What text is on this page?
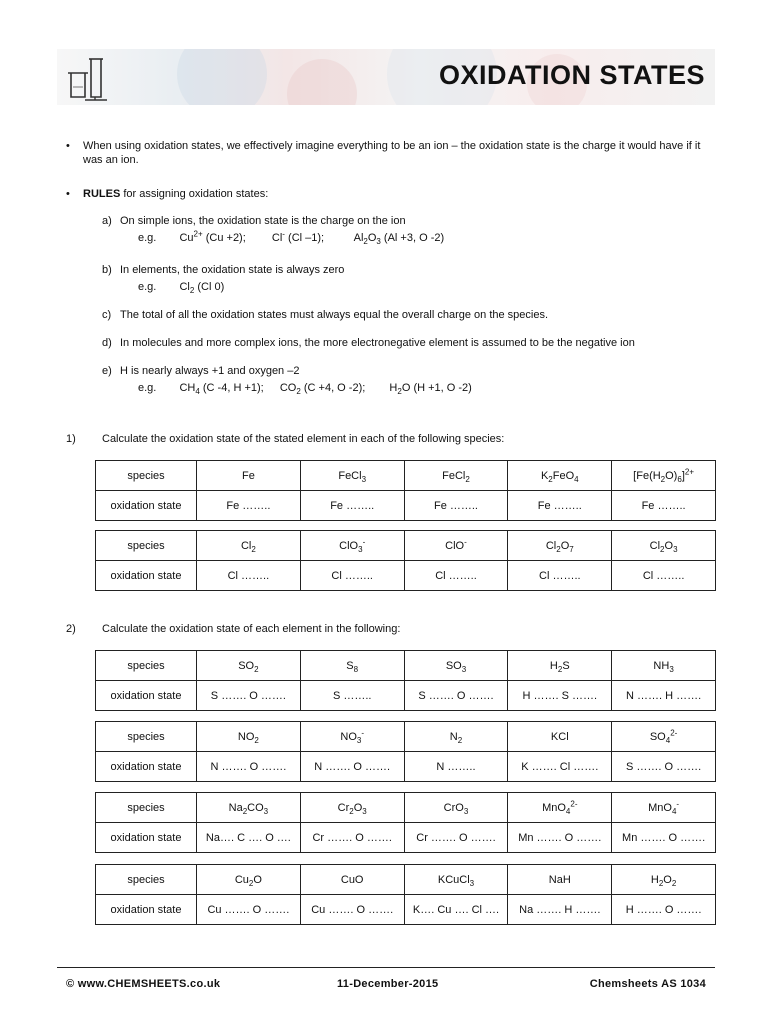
OXIDATION STATES
• When using oxidation states, we effectively imagine everything to be an ion – the oxidation state is the charge it would have if it was an ion.
• RULES for assigning oxidation states:
a) On simple ions, the oxidation state is the charge on the ion
e.g. $Cu^{2+}$ (Cu +2); Cl- (Cl –1);	$Al_2O_3$ (Al +3, O -2)
b) In elements, the oxidation state is always zero
e.g. $Cl_2$ (Cl 0)
c) The total of all the oxidation states must always equal the overall charge on the species.
d) In molecules and more complex ions, the more electronegative element is assumed to be the negative ion
e) H is nearly always +1 and oxygen –2
e.g. $CH_4$ (C -4, H +1); $CO_2$ (C +4, O -2); $H_2O$ (H +1, O -2)
1) Calculate the oxidation state of the stated element in each of the following species:
species	Fe	FeCl$_3$	FeCl$_2$	$K_2FeO_4$	$[Fe(H_2O)_6]^{2+}$
oxidation state	Fe ……..	Fe ……..	Fe ……..	Fe ……..	Fe ……..
species	$Cl_2$	ClO$_3$-	ClO-	$Cl_2O_7$	$Cl_2O_3$
oxidation state	Cl ……..	Cl ……..	Cl ……..	Cl ……..	Cl ……..
2) Calculate the oxidation state of each element in the following:
species	$SO_2$	$S_8$	$SO_3$	$H_2S$	$NH_3$
oxidation state	S ……. O …….	S ……..	S ……. O …….	H ……. S …….	N ……. H …….
species	$NO_2$	$NO_3^-$	$N_2$	KCl	$SO_4^{2-}$
oxidation state	N ……. O …….	N ……. O …….	N ……..	K ……. Cl …….	S ……. O …….
species	$Na_2CO_3$	$Cr_2O_3$	CrO$_3$	MnO$_4^{2-}$	MnO$_4$-
oxidation state	Na…. C …. O ….	Cr ……. O …….	Cr ……. O …….	Mn ……. O …….	Mn ……. O …….
species	$Cu_2O$	CuO	KCuCl$_3$	NaH	$H_2O_2$
oxidation state	Cu ……. O …….	Cu ……. O …….	K…. Cu …. Cl ….	Na ……. H …….	H ……. O …….
© www.CHEMSHEETS.co.uk	11-December-2015	Chemsheets AS 1034
